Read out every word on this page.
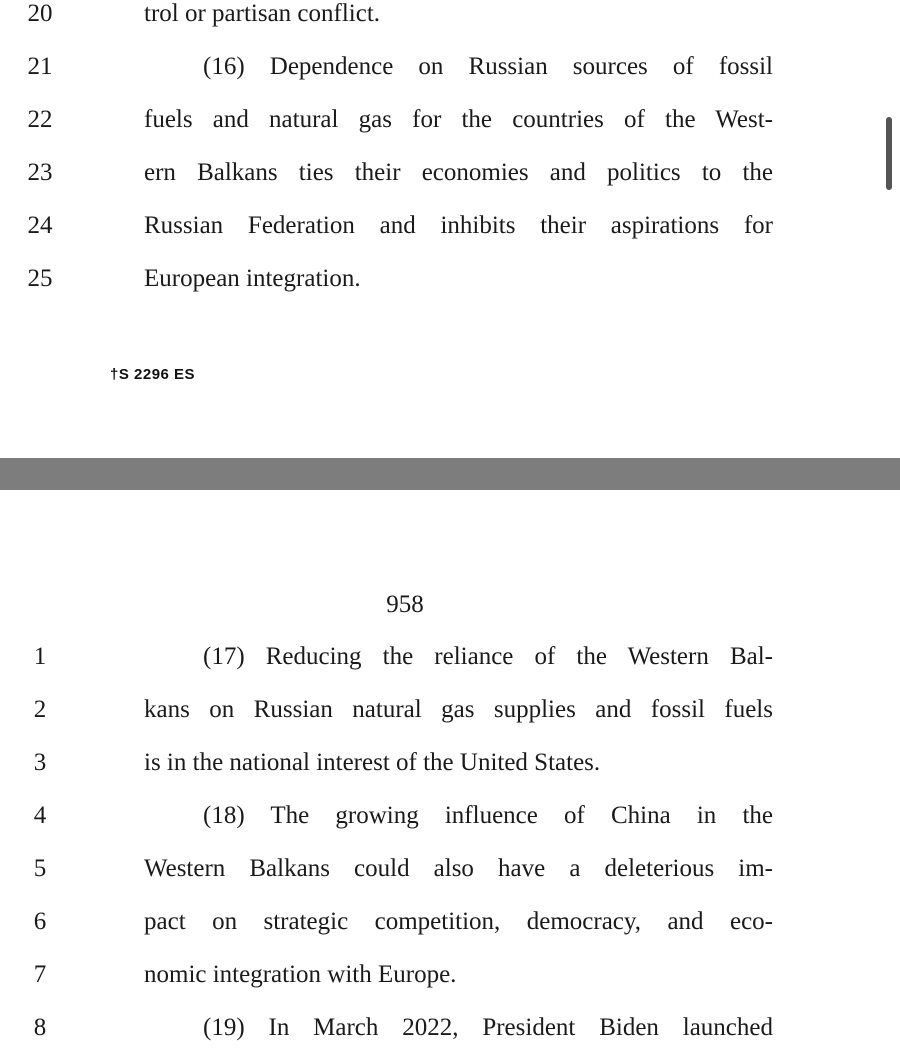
20	trol or partisan conflict.
21	(16) Dependence on Russian sources of fossil
22	fuels and natural gas for the countries of the West-
23	ern Balkans ties their economies and politics to the
24	Russian Federation and inhibits their aspirations for
25	European integration.
†S 2296 ES
958
1	(17) Reducing the reliance of the Western Bal-
2	kans on Russian natural gas supplies and fossil fuels
3	is in the national interest of the United States.
4	(18) The growing influence of China in the
5	Western Balkans could also have a deleterious im-
6	pact on strategic competition, democracy, and eco-
7	nomic integration with Europe.
8	(19) In March 2022, President Biden launched
